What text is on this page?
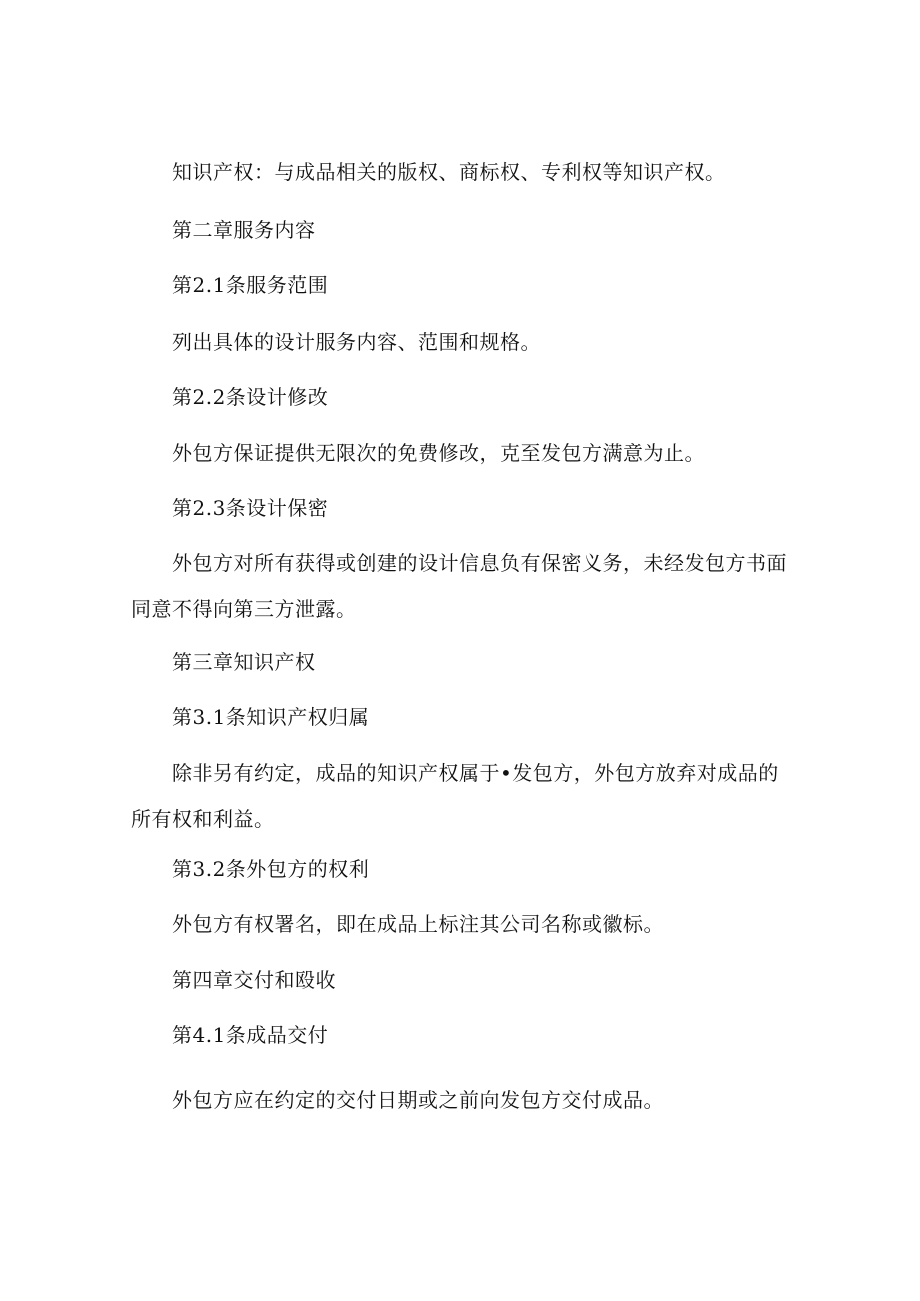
知识产权：与成品相关的版权、商标权、专利权等知识产权。
第二章服务内容
第2.1条服务范围
列出具体的设计服务内容、范围和规格。
第2.2条设计修改
外包方保证提供无限次的免费修改，克至发包方满意为止。
第2.3条设计保密
外包方对所有获得或创建的设计信息负有保密义务，未经发包方书面同意不得向第三方泄露。
第三章知识产权
第3.1条知识产权归属
除非另有约定，成品的知识产权属于•发包方，外包方放弃对成品的所有权和利益。
第3.2条外包方的权利
外包方有权署名，即在成品上标注其公司名称或徽标。
第四章交付和殴收
第4.1条成品交付
外包方应在约定的交付日期或之前向发包方交付成品。
